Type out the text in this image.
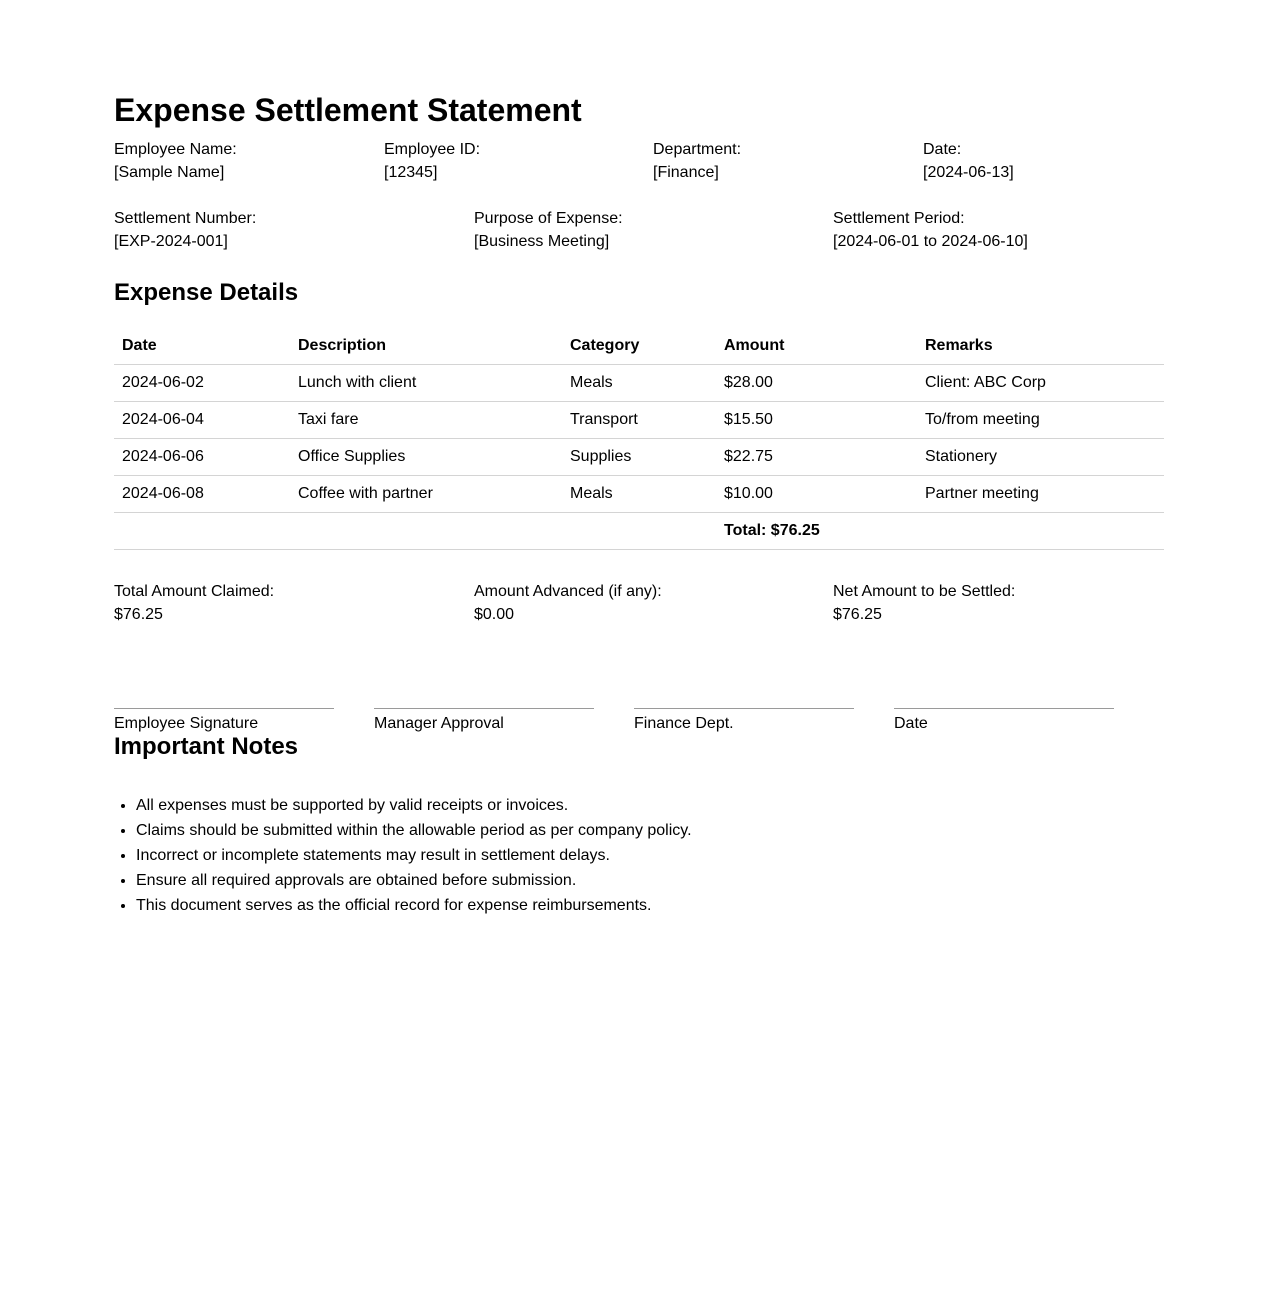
Expense Settlement Statement
Employee Name:
[Sample Name]
Employee ID:
[12345]
Department:
[Finance]
Date:
[2024-06-13]
Settlement Number:
[EXP-2024-001]
Purpose of Expense:
[Business Meeting]
Settlement Period:
[2024-06-01 to 2024-06-10]
Expense Details
Date	Description	Category	Amount	Remarks
2024-06-02	Lunch with client	Meals	$28.00	Client: ABC Corp
2024-06-04	Taxi fare	Transport	$15.50	To/from meeting
2024-06-06	Office Supplies	Supplies	$22.75	Stationery
2024-06-08	Coffee with partner	Meals	$10.00	Partner meeting
			Total: $76.25	
Total Amount Claimed:
$76.25
Amount Advanced (if any):
$0.00
Net Amount to be Settled:
$76.25
Employee Signature	Manager Approval	Finance Dept.	Date
Important Notes
• All expenses must be supported by valid receipts or invoices.
• Claims should be submitted within the allowable period as per company policy.
• Incorrect or incomplete statements may result in settlement delays.
• Ensure all required approvals are obtained before submission.
• This document serves as the official record for expense reimbursements.
